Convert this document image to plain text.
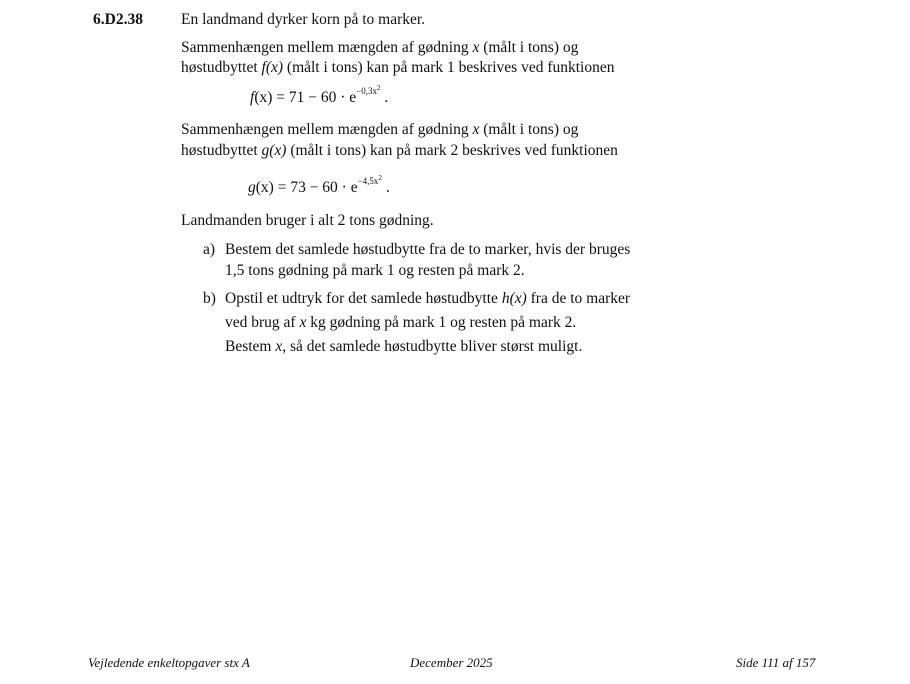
6.D2.38 En landmand dyrker korn på to marker.
Sammenhængen mellem mængden af gødning x (målt i tons) og
høstudbyttet f(x) (målt i tons) kan på mark 1 beskrives ved funktionen
$f(x) = 71 - 60 \cdot e^{-0,3x^2}$ .
Sammenhængen mellem mængden af gødning x (målt i tons) og
høstudbyttet g(x) (målt i tons) kan på mark 2 beskrives ved funktionen
$g(x) = 73 - 60 \cdot e^{-4,5x^2}$ .
Landmanden bruger i alt 2 tons gødning.
a) Bestem det samlede høstudbytte fra de to marker, hvis der bruges
1,5 tons gødning på mark 1 og resten på mark 2.
b) Opstil et udtryk for det samlede høstudbytte h(x) fra de to marker
ved brug af x kg gødning på mark 1 og resten på mark 2.
Bestem x, så det samlede høstudbytte bliver størst muligt.
Vejledende enkeltopgaver stx A	December 2025	Side 111 af 157
